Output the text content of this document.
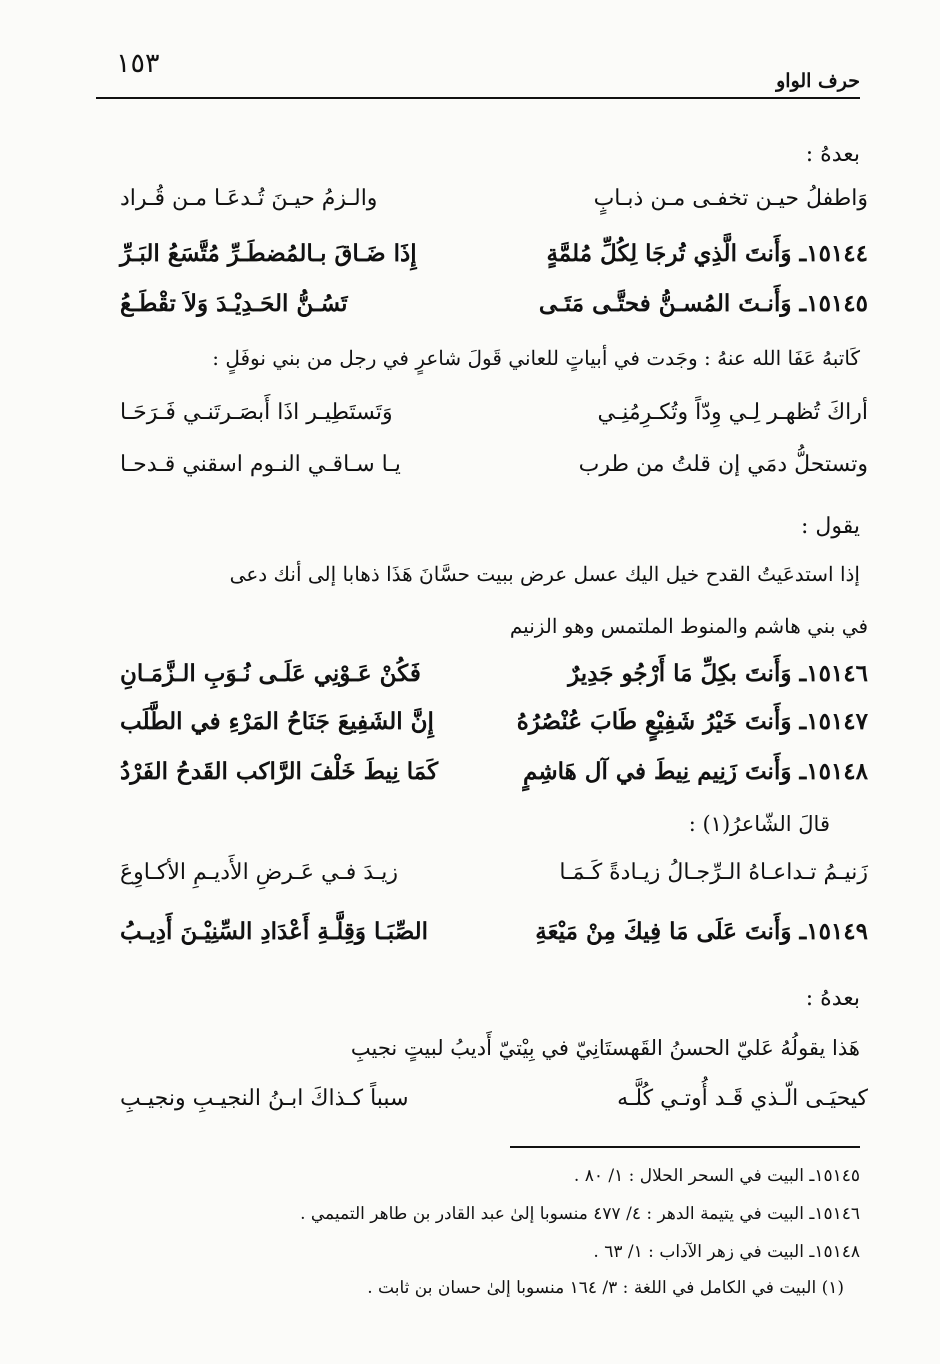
١٥٣
حرف الواو
بعدهُ :
وَاطفلُ حيـن تخفـى مـن ذبـابٍ
والـزمُ حيـنَ تُـدعَـا مـن قُـراد
١٥١٤٤ـ وَأَنتَ الَّذِي تُرجَا لِكُلِّ مُلمَّةٍ
إِذَا ضَـاقَ بـالمُضطَـرِّ مُتَّسَعُ البَـرِّ
١٥١٤٥ـ وَأَنـتَ المُسـنُّ فحتَّـى مَتَـى
تَسُـنُّ الحَـدِيْـدَ وَلاَ تقْطَـعُ
كَاتبهُ عَفَا الله عنهُ : وجَدت في أبياتٍ للعاني قَولَ شاعرٍ في رجل من بني نوفَلٍ :
أراكَ تُظهـر لِـي وِدّاً وتُكـرِمُنِـي
وَتَستَطِيـر اذَا أَبصَـرتَنـي فَـرَحَـا
وتستحلُّ دمَي إن قلتُ من طرب
يـا سـاقـي النـوم اسقني قـدحـا
يقول :
إذا استدعَيتُ القدح خيل اليك عسل عرض ببيت حسَّانَ هَذَا ذهابا إلى أنك دعى
في بني هاشم والمنوط الملتمس وهو الزنيم
١٥١٤٦ـ وَأَنتَ بكِلِّ مَا أَرْجُو جَدِيرٌ
فَكُنْ عَـوْنِي عَلَـى نُـوَبِ الـزَّمَـانِ
١٥١٤٧ـ وَأَنتَ خَيْرُ شَفِيْعٍ طَابَ عُنْصُرُهُ
إِنَّ الشَفِيعَ جَنَاحُ المَرْءِ في الطَّلَب
١٥١٤٨ـ وَأَنتَ زَنِيم نِيطَ في آل هَاشِمٍ
كَمَا نِيطَ خَلْفَ الرَّاكب القَدحُ الفَرْدُ
قالَ الشّاعرُ(١) :
زَنيـمُ تـداعـاهُ الـرِّجـالُ زيـادةً كَـمَـا
زيـدَ فـي عَـرضِ الأَديـمِ الأكـاوِعَ
١٥١٤٩ـ وَأَنتَ عَلَى مَا فِيكَ مِنْ مَيْعَةِ
الصِّبَـا وَقِلَّـةِ أَعْدَادِ السِّنِيْـنَ أَدِيـبُ
بعدهُ :
هَذا يقولُهُ عَليّ الحسنُ القَهستَانِيّ في بِيْتيّ أَديبُ لبيتٍ نجيبِ
كيحيَـى الّـذي قَـد أُوتـي كُلَّـه
سبباً كـذاكَ ابـنُ النجيـبِ ونجيـبِ
١٥١٤٥ـ البيت في السحر الحلال : ١/ ٨٠ .
١٥١٤٦ـ البيت في يتيمة الدهر : ٤/ ٤٧٧ منسوبا إلىٰ عبد القادر بن طاهر التميمي .
١٥١٤٨ـ البيت في زهر الآداب : ١/ ٦٣ .
(١) البيت في الكامل في اللغة : ٣/ ١٦٤ منسوبا إلىٰ حسان بن ثابت .
